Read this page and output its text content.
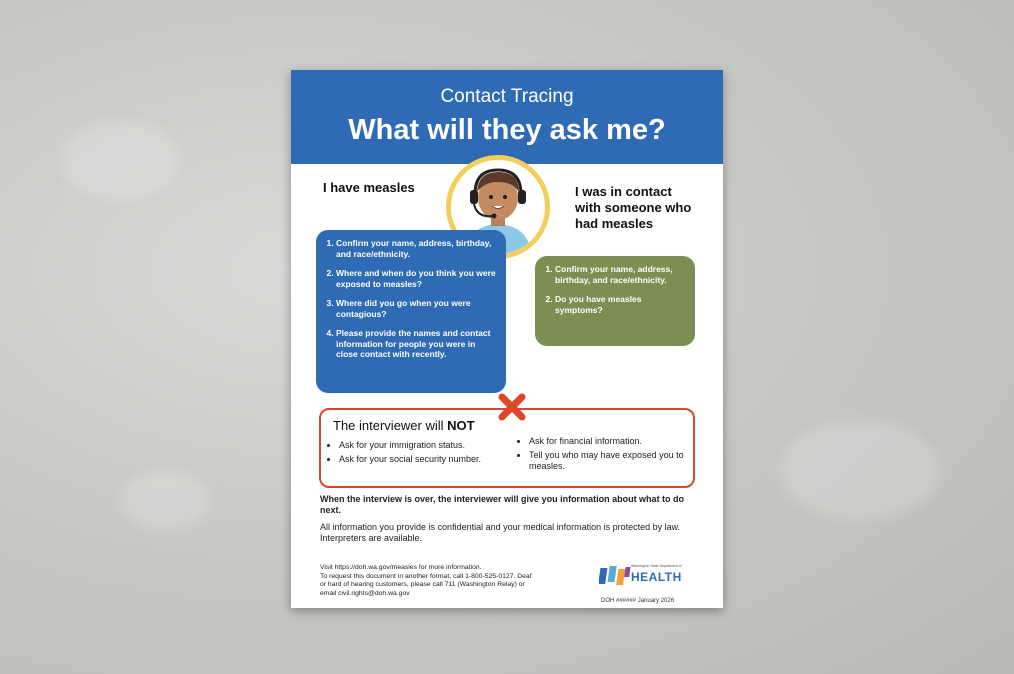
Contact Tracing
What will they ask me?
I have measles	I was in contact
with someone who
had measles
1. Confirm your name, address, birthday, and race/ethnicity.
2. Where and when do you think you were exposed to measles?
3. Where did you go when you were contagious?
4. Please provide the names and contact information for people you were in close contact with recently.
1. Confirm your name, address, birthday, and race/ethnicity.
2. Do you have measles symptoms?
The interviewer will NOT
• Ask for your immigration status.
• Ask for your social security number.
• Ask for financial information.
• Tell you who may have exposed you to measles.
When the interview is over, the interviewer will give you information about what to do next.
All information you provide is confidential and your medical information is protected by law. Interpreters are available.
Visit https://doh.wa.gov/measles for more information.
To request this document in another format, call 1-800-525-0127. Deaf
or hard of hearing customers, please call 711 (Washington Relay) or
email civil.rights@doh.wa.gov
Washington State Department of
HEALTH
DOH ###### January 2026
